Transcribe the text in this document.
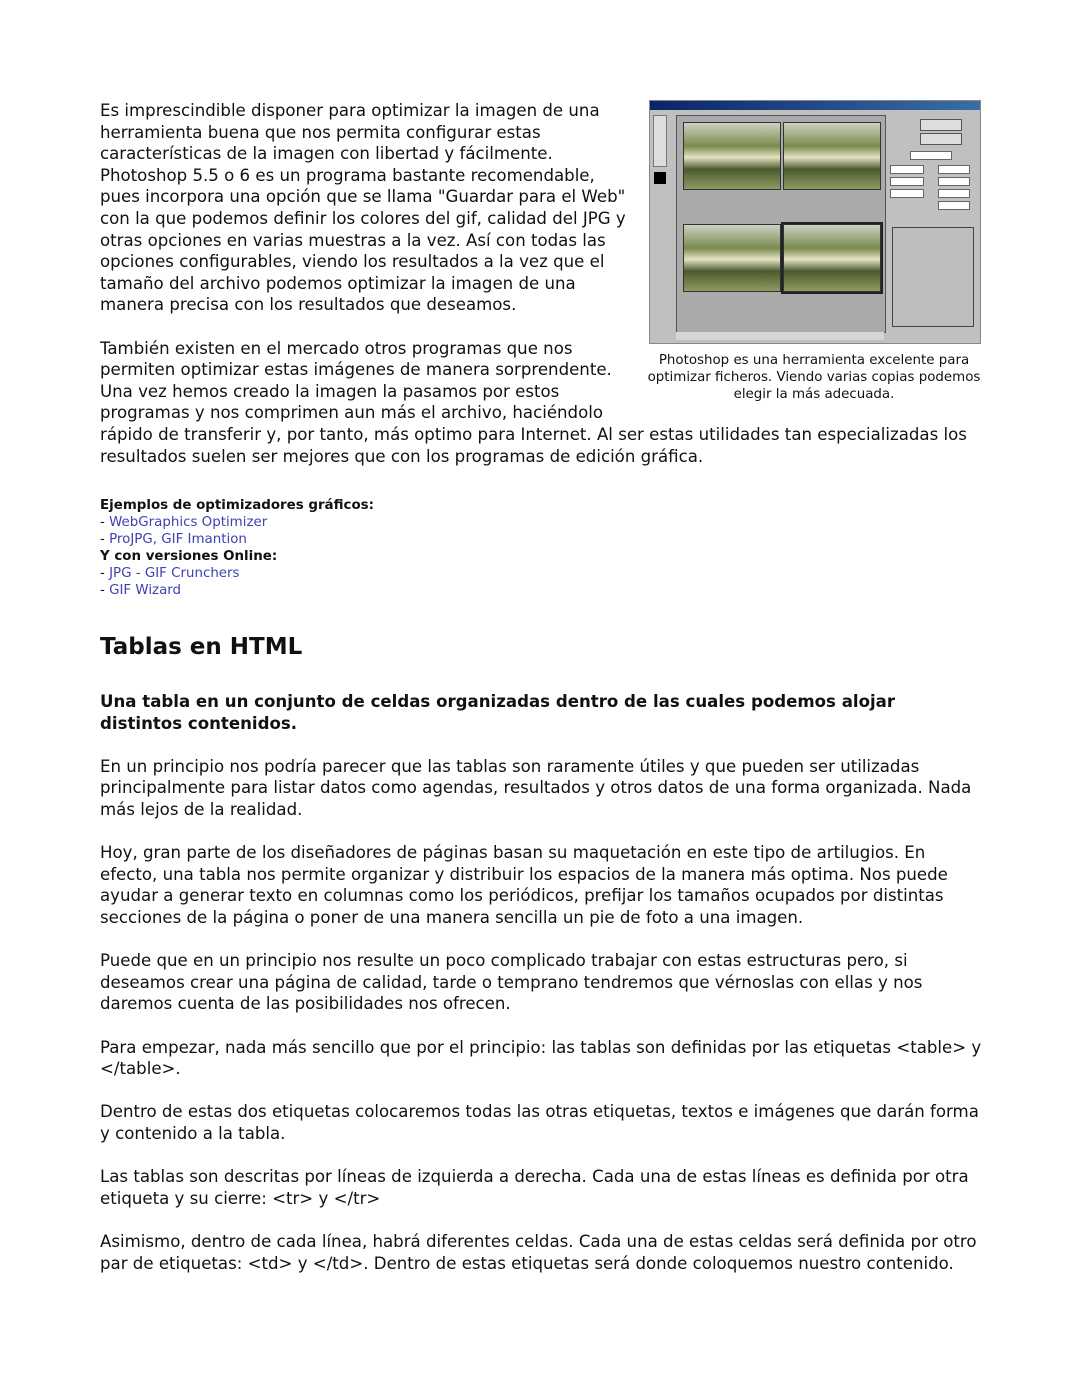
Photoshop es una herramienta excelente para optimizar ficheros. Viendo varias copias podemos elegir la más adecuada.

Es imprescindible disponer para optimizar la imagen de una herramienta buena que nos permita configurar estas características de la imagen con libertad y fácilmente. Photoshop 5.5 o 6 es un programa bastante recomendable, pues incorpora una opción que se llama "Guardar para el Web" con la que podemos definir los colores del gif, calidad del JPG y otras opciones en varias muestras a la vez. Así con todas las opciones configurables, viendo los resultados a la vez que el tamaño del archivo podemos optimizar la imagen de una manera precisa con los resultados que deseamos.

También existen en el mercado otros programas que nos permiten optimizar estas imágenes de manera sorprendente. Una vez hemos creado la imagen la pasamos por estos programas y nos comprimen aun más el archivo, haciéndolo rápido de transferir y, por tanto, más optimo para Internet. Al ser estas utilidades tan especializadas los resultados suelen ser mejores que con los programas de edición gráfica.

Ejemplos de optimizadores gráficos:
- WebGraphics Optimizer
- ProJPG, GIF Imantion
Y con versiones Online:
- JPG - GIF Crunchers
- GIF Wizard
Tablas en HTML

Una tabla en un conjunto de celdas organizadas dentro de las cuales podemos alojar distintos contenidos.

En un principio nos podría parecer que las tablas son raramente útiles y que pueden ser utilizadas principalmente para listar datos como agendas, resultados y otros datos de una forma organizada. Nada más lejos de la realidad.

Hoy, gran parte de los diseñadores de páginas basan su maquetación en este tipo de artilugios. En efecto, una tabla nos permite organizar y distribuir los espacios de la manera más optima. Nos puede ayudar a generar texto en columnas como los periódicos, prefijar los tamaños ocupados por distintas secciones de la página o poner de una manera sencilla un pie de foto a una imagen.

Puede que en un principio nos resulte un poco complicado trabajar con estas estructuras pero, si deseamos crear una página de calidad, tarde o temprano tendremos que vérnoslas con ellas y nos daremos cuenta de las posibilidades nos ofrecen.

Para empezar, nada más sencillo que por el principio: las tablas son definidas por las etiquetas <table> y </table>.

Dentro de estas dos etiquetas colocaremos todas las otras etiquetas, textos e imágenes que darán forma y contenido a la tabla.

Las tablas son descritas por líneas de izquierda a derecha. Cada una de estas líneas es definida por otra etiqueta y su cierre: <tr> y </tr>

Asimismo, dentro de cada línea, habrá diferentes celdas. Cada una de estas celdas será definida por otro par de etiquetas: <td> y </td>. Dentro de estas etiquetas será donde coloquemos nuestro contenido.
